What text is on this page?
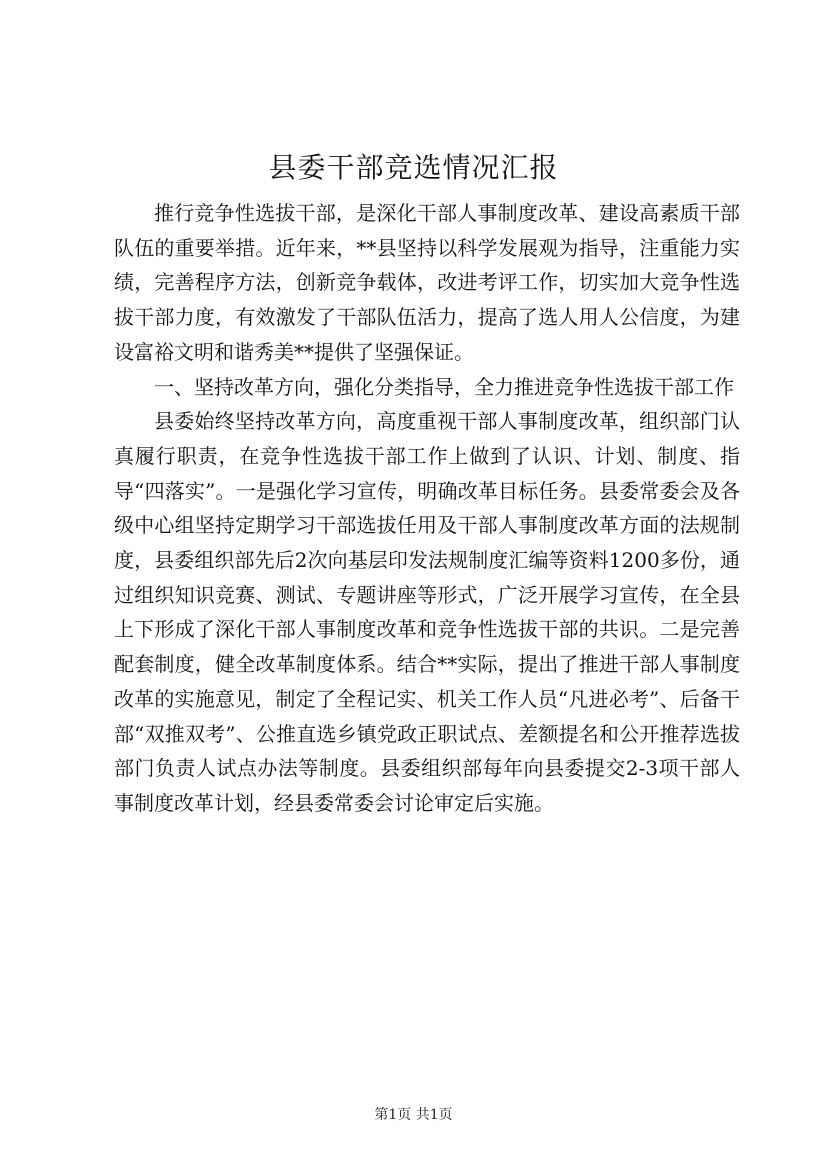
县委干部竞选情况汇报

推行竞争性选拔干部，是深化干部人事制度改革、建设高素质干部队伍的重要举措。近年来，**县坚持以科学发展观为指导，注重能力实绩，完善程序方法，创新竞争载体，改进考评工作，切实加大竞争性选拔干部力度，有效激发了干部队伍活力，提高了选人用人公信度，为建设富裕文明和谐秀美**提供了坚强保证。

一、坚持改革方向，强化分类指导，全力推进竞争性选拔干部工作

县委始终坚持改革方向，高度重视干部人事制度改革，组织部门认真履行职责，在竞争性选拔干部工作上做到了认识、计划、制度、指导“四落实”。一是强化学习宣传，明确改革目标任务。县委常委会及各级中心组坚持定期学习干部选拔任用及干部人事制度改革方面的法规制度，县委组织部先后2次向基层印发法规制度汇编等资料1200多份，通过组织知识竞赛、测试、专题讲座等形式，广泛开展学习宣传，在全县上下形成了深化干部人事制度改革和竞争性选拔干部的共识。二是完善配套制度，健全改革制度体系。结合**实际，提出了推进干部人事制度改革的实施意见，制定了全程记实、机关工作人员“凡进必考”、后备干部“双推双考”、公推直选乡镇党政正职试点、差额提名和公开推荐选拔部门负责人试点办法等制度。县委组织部每年向县委提交2-3项干部人事制度改革计划，经县委常委会讨论审定后实施。

第1页 共1页
